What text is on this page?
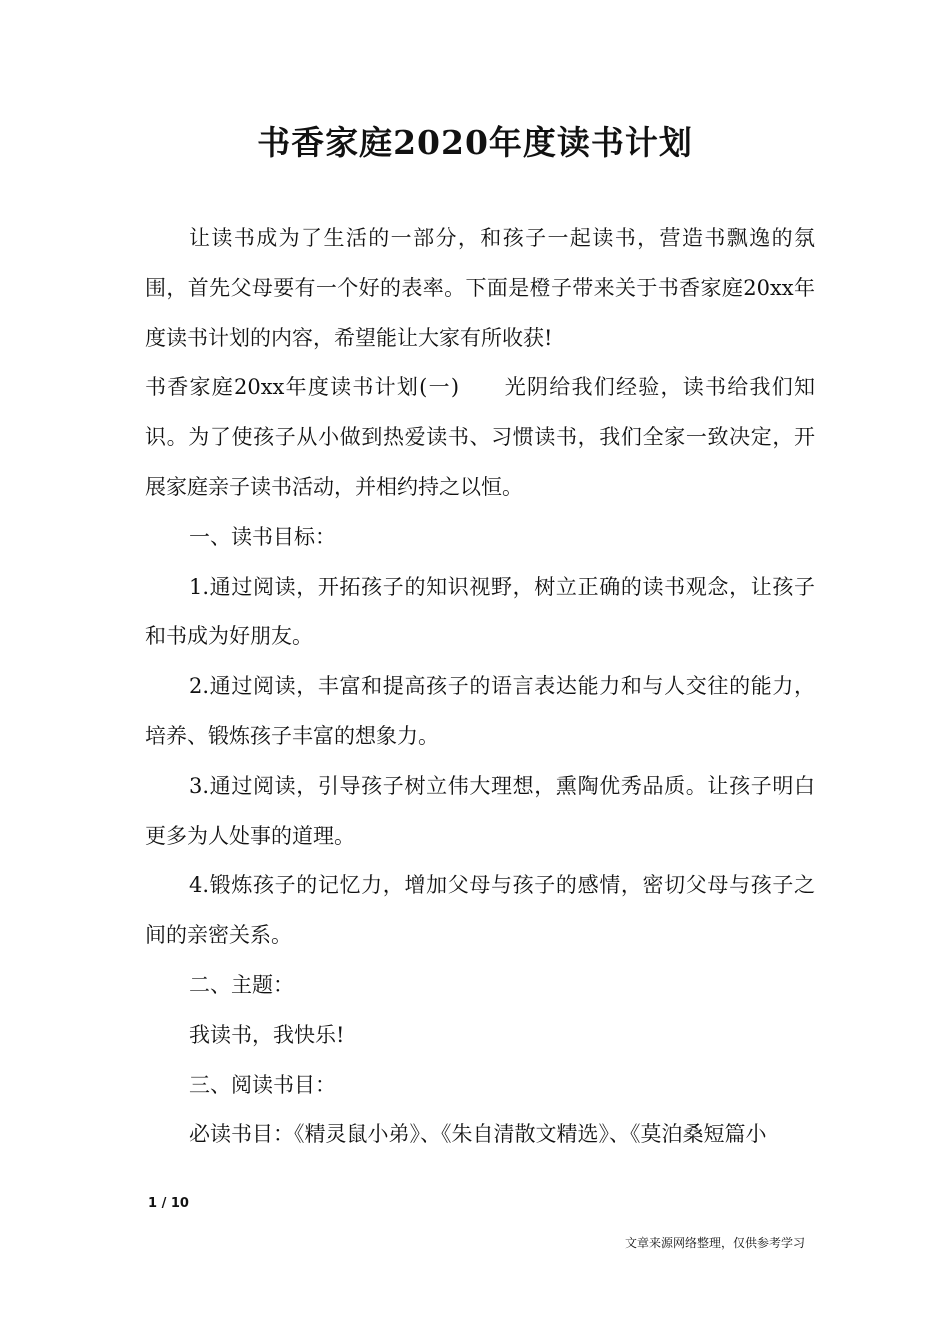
书香家庭2020年度读书计划

让读书成为了生活的一部分，和孩子一起读书，营造书飘逸的氛围，首先父母要有一个好的表率。下面是橙子带来关于书香家庭20xx年度读书计划的内容，希望能让大家有所收获!

书香家庭20xx年度读书计划(一)　　光阴给我们经验，读书给我们知识。为了使孩子从小做到热爱读书、习惯读书，我们全家一致决定，开展家庭亲子读书活动，并相约持之以恒。

一、读书目标：

1.通过阅读，开拓孩子的知识视野，树立正确的读书观念，让孩子和书成为好朋友。

2.通过阅读，丰富和提高孩子的语言表达能力和与人交往的能力，培养、锻炼孩子丰富的想象力。

3.通过阅读，引导孩子树立伟大理想，熏陶优秀品质。让孩子明白更多为人处事的道理。

4.锻炼孩子的记忆力，增加父母与孩子的感情，密切父母与孩子之间的亲密关系。

二、主题：

我读书，我快乐!

三、阅读书目：

必读书目：《精灵鼠小弟》、《朱自清散文精选》、《莫泊桑短篇小

1 / 10
文章来源网络整理，仅供参考学习
